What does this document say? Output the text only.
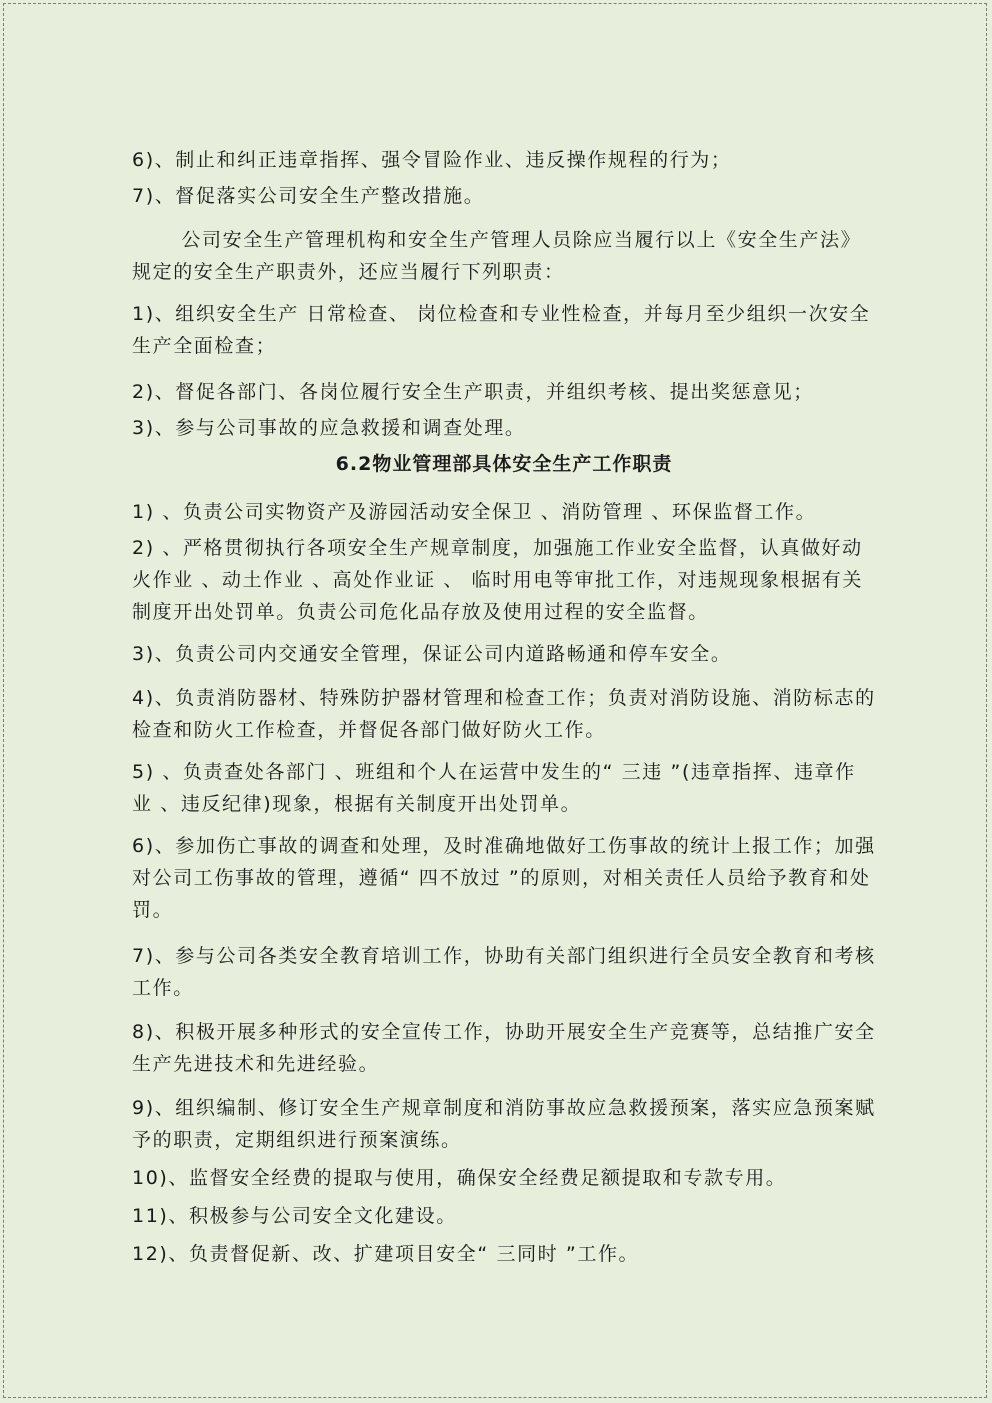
6)、制止和纠正违章指挥、强令冒险作业、违反操作规程的行为；

7)、督促落实公司安全生产整改措施。

公司安全生产管理机构和安全生产管理人员除应当履行以上《安全生产法》规定的安全生产职责外，还应当履行下列职责：

1)、组织安全生产 日常检查、 岗位检查和专业性检查，并每月至少组织一次安全生产全面检查；

2)、督促各部门、各岗位履行安全生产职责，并组织考核、提出奖惩意见；

3)、参与公司事故的应急救援和调查处理。

6.2物业管理部具体安全生产工作职责

1) 、负责公司实物资产及游园活动安全保卫 、消防管理 、环保监督工作。

2) 、严格贯彻执行各项安全生产规章制度，加强施工作业安全监督，认真做好动火作业 、动土作业 、高处作业证 、 临时用电等审批工作，对违规现象根据有关制度开出处罚单。负责公司危化品存放及使用过程的安全监督。

3)、负责公司内交通安全管理，保证公司内道路畅通和停车安全。

4)、负责消防器材、特殊防护器材管理和检查工作；负责对消防设施、消防标志的检查和防火工作检查，并督促各部门做好防火工作。

5) 、负责查处各部门 、班组和个人在运营中发生的“ 三违 ”(违章指挥、违章作业 、违反纪律)现象，根据有关制度开出处罚单。

6)、参加伤亡事故的调查和处理，及时准确地做好工伤事故的统计上报工作；加强对公司工伤事故的管理，遵循“ 四不放过 ”的原则，对相关责任人员给予教育和处罚。

7)、参与公司各类安全教育培训工作，协助有关部门组织进行全员安全教育和考核工作。

8)、积极开展多种形式的安全宣传工作，协助开展安全生产竞赛等，总结推广安全生产先进技术和先进经验。

9)、组织编制、修订安全生产规章制度和消防事故应急救援预案，落实应急预案赋予的职责，定期组织进行预案演练。

10)、监督安全经费的提取与使用，确保安全经费足额提取和专款专用。

11)、积极参与公司安全文化建设。

12)、负责督促新、改、扩建项目安全“ 三同时 ”工作。
